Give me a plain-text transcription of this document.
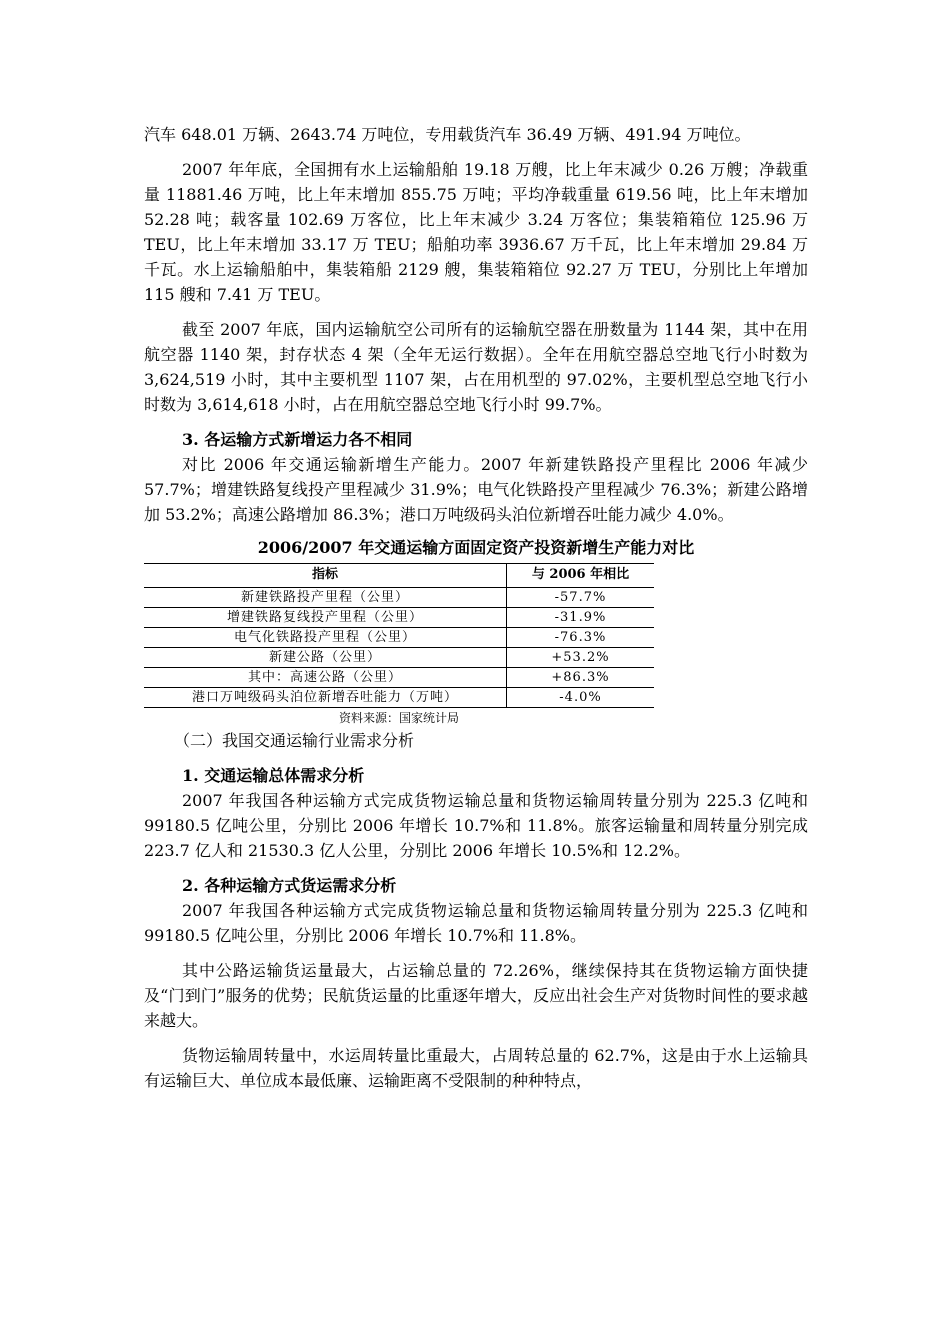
汽车 648.01 万辆、2643.74 万吨位，专用载货汽车 36.49 万辆、491.94 万吨位。

2007 年年底，全国拥有水上运输船舶 19.18 万艘，比上年末减少 0.26 万艘；净载重量 11881.46 万吨，比上年末增加 855.75 万吨；平均净载重量 619.56 吨，比上年末增加 52.28 吨；载客量 102.69 万客位，比上年末减少 3.24 万客位；集装箱箱位 125.96 万 TEU，比上年末增加 33.17 万 TEU；船舶功率 3936.67 万千瓦，比上年末增加 29.84 万千瓦。水上运输船舶中，集装箱船 2129 艘，集装箱箱位 92.27 万 TEU，分别比上年增加 115 艘和 7.41 万 TEU。

截至 2007 年底，国内运输航空公司所有的运输航空器在册数量为 1144 架，其中在用航空器 1140 架，封存状态 4 架（全年无运行数据）。全年在用航空器总空地飞行小时数为 3,624,519 小时，其中主要机型 1107 架，占在用机型的 97.02%，主要机型总空地飞行小时数为 3,614,618 小时，占在用航空器总空地飞行小时 99.7%。

3. 各运输方式新增运力各不相同

对比 2006 年交通运输新增生产能力。2007 年新建铁路投产里程比 2006 年减少 57.7%；增建铁路复线投产里程减少 31.9%；电气化铁路投产里程减少 76.3%；新建公路增加 53.2%；高速公路增加 86.3%；港口万吨级码头泊位新增吞吐能力减少 4.0%。

2006/2007 年交通运输方面固定资产投资新增生产能力对比
指标	与 2006 年相比
新建铁路投产里程（公里）	-57.7%
增建铁路复线投产里程（公里）	-31.9%
电气化铁路投产里程（公里）	-76.3%
新建公路（公里）	+53.2%
其中：高速公路（公里）	+86.3%
港口万吨级码头泊位新增吞吐能力（万吨）	-4.0%
资料来源：国家统计局

（二）我国交通运输行业需求分析

1. 交通运输总体需求分析

2007 年我国各种运输方式完成货物运输总量和货物运输周转量分别为 225.3 亿吨和 99180.5 亿吨公里，分别比 2006 年增长 10.7%和 11.8%。旅客运输量和周转量分别完成 223.7 亿人和 21530.3 亿人公里，分别比 2006 年增长 10.5%和 12.2%。

2. 各种运输方式货运需求分析

2007 年我国各种运输方式完成货物运输总量和货物运输周转量分别为 225.3 亿吨和 99180.5 亿吨公里，分别比 2006 年增长 10.7%和 11.8%。

其中公路运输货运量最大，占运输总量的 72.26%，继续保持其在货物运输方面快捷及“门到门”服务的优势；民航货运量的比重逐年增大，反应出社会生产对货物时间性的要求越来越大。

货物运输周转量中，水运周转量比重最大，占周转总量的 62.7%，这是由于水上运输具有运输巨大、单位成本最低廉、运输距离不受限制的种种特点，
